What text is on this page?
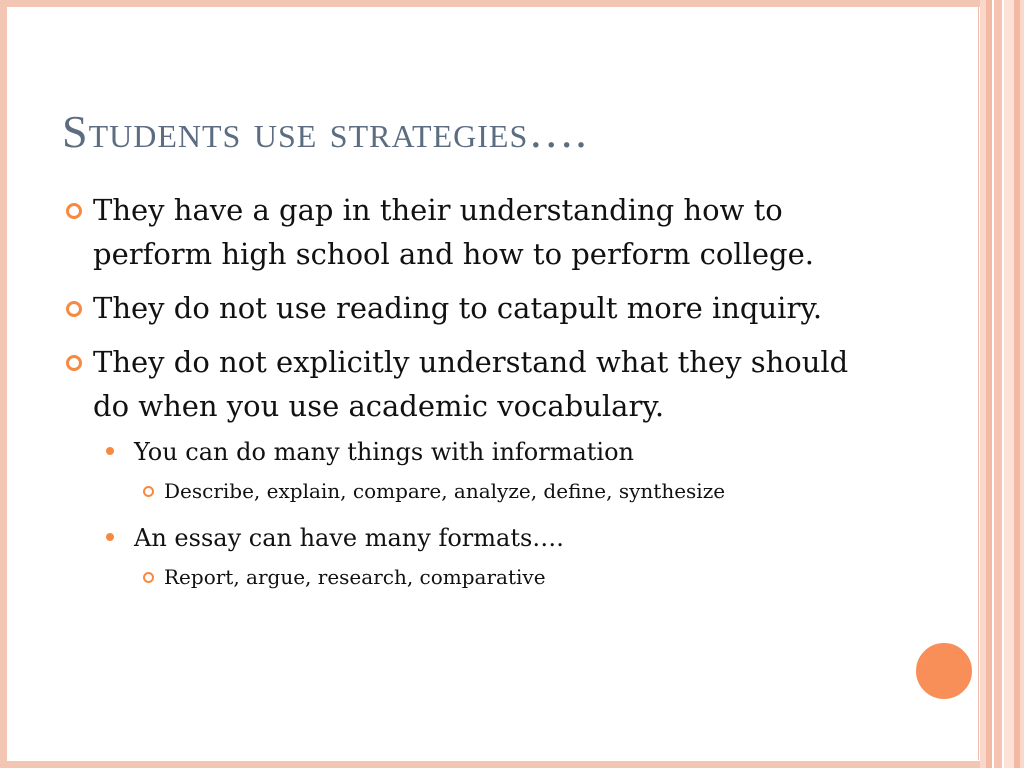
Students use strategies….
They have a gap in their understanding how to perform high school and how to perform college.
They do not use reading to catapult more inquiry.
They do not explicitly understand what they should do when you use academic vocabulary.
You can do many things with information
Describe, explain, compare, analyze, define, synthesize
An essay can have many formats….
Report, argue, research, comparative
